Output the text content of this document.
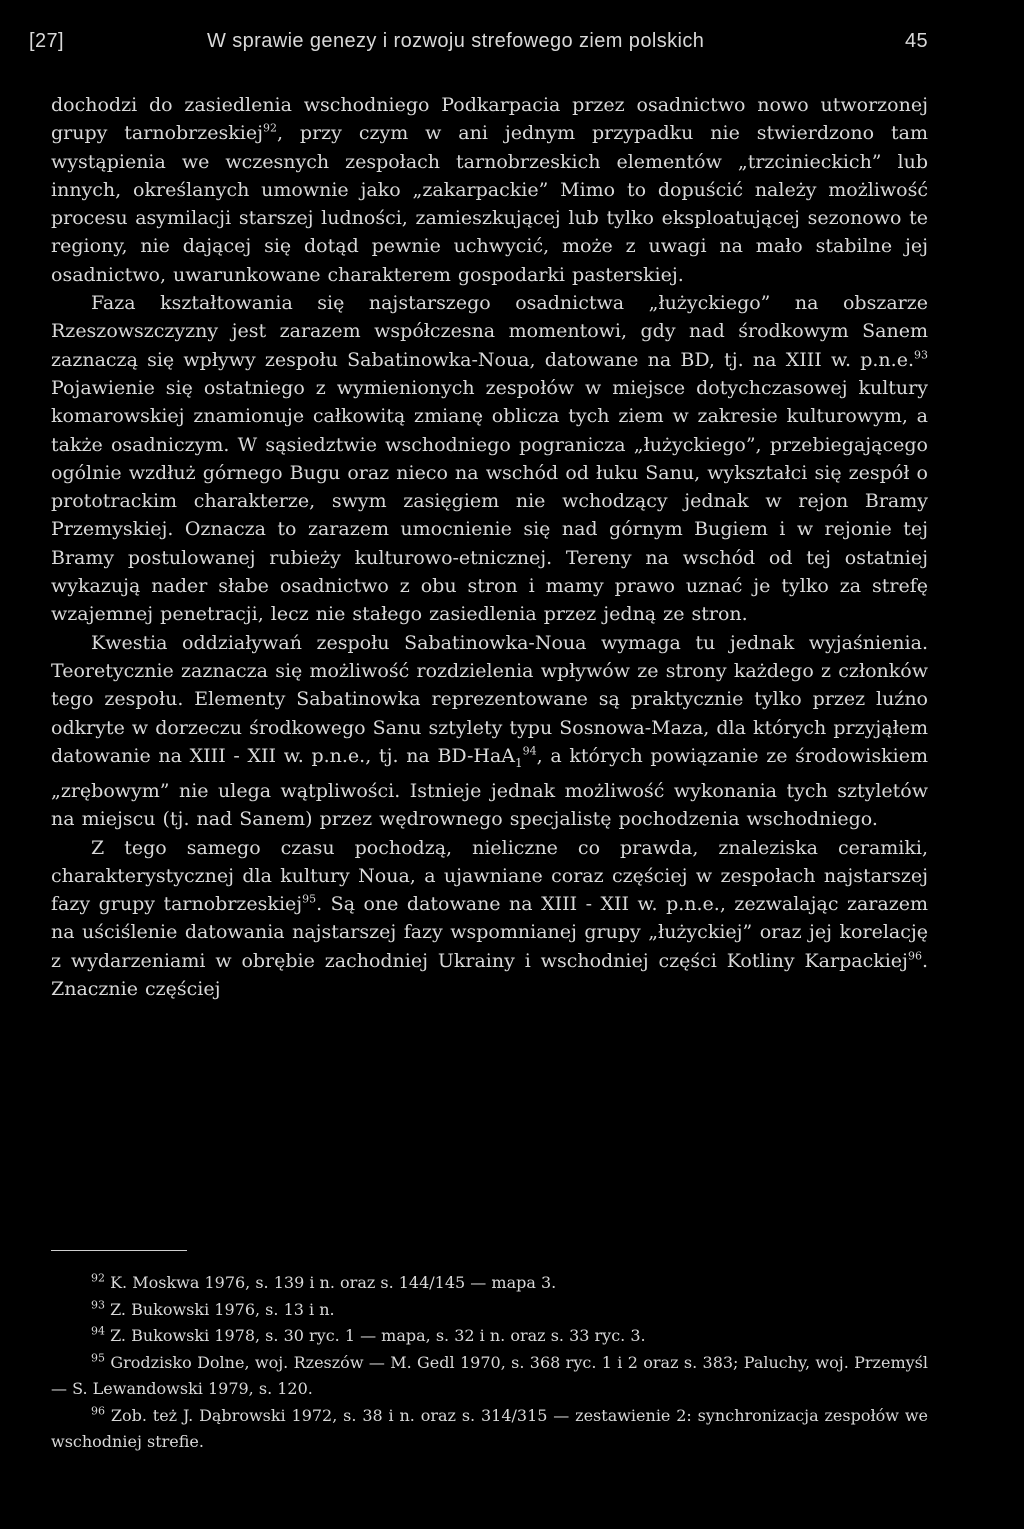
[27]	W sprawie genezy i rozwoju strefowego ziem polskich	45

dochodzi do zasiedlenia wschodniego Podkarpacia przez osadnictwo nowo utworzonej grupy tarnobrzeskiej$^{92}$, przy czym w ani jednym przypadku nie stwierdzono tam wystąpienia we wczesnych zespołach tarnobrzeskich elementów „trzcinieckich” lub innych, określanych umownie jako „zakarpackie” Mimo to dopuścić należy możliwość procesu asymilacji starszej ludności, zamieszkującej lub tylko eksploatującej sezonowo te regiony, nie dającej się dotąd pewnie uchwycić, może z uwagi na mało stabilne jej osadnictwo, uwarunkowane charakterem gospodarki pasterskiej.

Faza kształtowania się najstarszego osadnictwa „łużyckiego” na obszarze Rzeszowszczyzny jest zarazem współczesna momentowi, gdy nad środkowym Sanem zaznaczą się wpływy zespołu Sabatinowka-Noua, datowane na BD, tj. na XIII w. p.n.e.$^{93}$ Pojawienie się ostatniego z wymienionych zespołów w miejsce dotychczasowej kultury komarowskiej znamionuje całkowitą zmianę oblicza tych ziem w zakresie kulturowym, a także osadniczym. W sąsiedztwie wschodniego pogranicza „łużyckiego”, przebiegającego ogólnie wzdłuż górnego Bugu oraz nieco na wschód od łuku Sanu, wykształci się zespół o prototrackim charakterze, swym zasięgiem nie wchodzący jednak w rejon Bramy Przemyskiej. Oznacza to zarazem umocnienie się nad górnym Bugiem i w rejonie tej Bramy postulowanej rubieży kulturowo-etnicznej. Tereny na wschód od tej ostatniej wykazują nader słabe osadnictwo z obu stron i mamy prawo uznać je tylko za strefę wzajemnej penetracji, lecz nie stałego zasiedlenia przez jedną ze stron.

Kwestia oddziaływań zespołu Sabatinowka-Noua wymaga tu jednak wyjaśnienia. Teoretycznie zaznacza się możliwość rozdzielenia wpływów ze strony każdego z członków tego zespołu. Elementy Sabatinowka reprezentowane są praktycznie tylko przez luźno odkryte w dorzeczu środkowego Sanu sztylety typu Sosnowa-Maza, dla których przyjąłem datowanie na XIII - XII w. p.n.e., tj. na BD-HaA$_1^{94}$, a których powiązanie ze środowiskiem „zrębowym” nie ulega wątpliwości. Istnieje jednak możliwość wykonania tych sztyletów na miejscu (tj. nad Sanem) przez wędrownego specjalistę pochodzenia wschodniego.

Z tego samego czasu pochodzą, nieliczne co prawda, znaleziska ceramiki, charakterystycznej dla kultury Noua, a ujawniane coraz częściej w zespołach najstarszej fazy grupy tarnobrzeskiej$^{95}$. Są one datowane na XIII - XII w. p.n.e., zezwalając zarazem na uściślenie datowania najstarszej fazy wspomnianej grupy „łużyckiej” oraz jej korelację z wydarzeniami w obrębie zachodniej Ukrainy i wschodniej części Kotliny Karpackiej$^{96}$. Znacznie częściej

$^{92}$ K. Moskwa 1976, s. 139 i n. oraz s. 144/145 — mapa 3.

$^{93}$ Z. Bukowski 1976, s. 13 i n.

$^{94}$ Z. Bukowski 1978, s. 30 ryc. 1 — mapa, s. 32 i n. oraz s. 33 ryc. 3.

$^{95}$ Grodzisko Dolne, woj. Rzeszów — M. Gedl 1970, s. 368 ryc. 1 i 2 oraz s. 383; Paluchy, woj. Przemyśl — S. Lewandowski 1979, s. 120.

$^{96}$ Zob. też J. Dąbrowski 1972, s. 38 i n. oraz s. 314/315 — zestawienie 2: synchronizacja zespołów we wschodniej strefie.
